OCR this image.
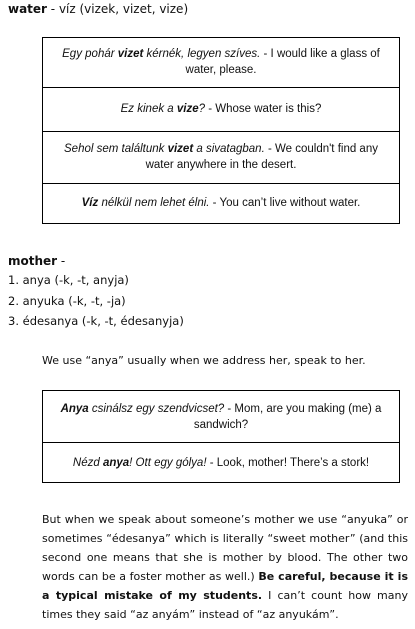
water - víz (vizek, vizet, vize)
Egy pohár vizet kérnék, legyen szíves. - I would like a glass of water, please.
Ez kinek a vize? - Whose water is this?
Sehol sem találtunk vizet a sivatagban. - We couldn't find any water anywhere in the desert.
Víz nélkül nem lehet élni. - You can’t live without water.
mother -
1. anya (-k, -t, anyja)
2. anyuka (-k, -t, -ja)
3. édesanya (-k, -t, édesanyja)
We use “anya” usually when we address her, speak to her.
Anya csinálsz egy szendvicset? - Mom, are you making (me) a sandwich?
Nézd anya! Ott egy gólya! - Look, mother! There’s a stork!
But when we speak about someone’s mother we use “anyuka” or sometimes “édesanya” which is literally “sweet mother” (and this second one means that she is mother by blood. The other two words can be a foster mother as well.) Be careful, because it is a typical mistake of my students. I can’t count how many times they said “az anyám” instead of “az anyukám”.
